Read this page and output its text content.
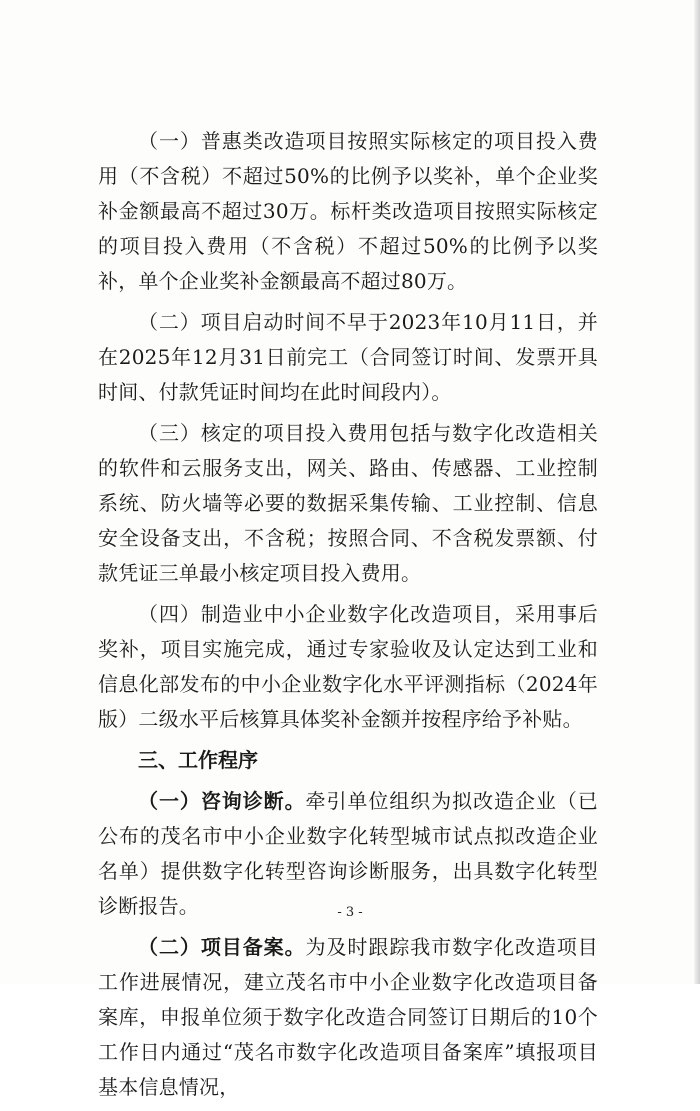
（一）普惠类改造项目按照实际核定的项目投入费用（不含税）不超过50%的比例予以奖补，单个企业奖补金额最高不超过30万。标杆类改造项目按照实际核定的项目投入费用（不含税）不超过50%的比例予以奖补，单个企业奖补金额最高不超过80万。

（二）项目启动时间不早于2023年10月11日，并在2025年12月31日前完工（合同签订时间、发票开具时间、付款凭证时间均在此时间段内）。

（三）核定的项目投入费用包括与数字化改造相关的软件和云服务支出，网关、路由、传感器、工业控制系统、防火墙等必要的数据采集传输、工业控制、信息安全设备支出，不含税；按照合同、不含税发票额、付款凭证三单最小核定项目投入费用。

（四）制造业中小企业数字化改造项目，采用事后奖补，项目实施完成，通过专家验收及认定达到工业和信息化部发布的中小企业数字化水平评测指标（2024年版）二级水平后核算具体奖补金额并按程序给予补贴。

三、工作程序

（一）咨询诊断。牵引单位组织为拟改造企业（已公布的茂名市中小企业数字化转型城市试点拟改造企业名单）提供数字化转型咨询诊断服务，出具数字化转型诊断报告。

（二）项目备案。为及时跟踪我市数字化改造项目工作进展情况，建立茂名市中小企业数字化改造项目备案库，申报单位须于数字化改造合同签订日期后的10个工作日内通过“茂名市数字化改造项目备案库”填报项目基本信息情况，

- 3 -
